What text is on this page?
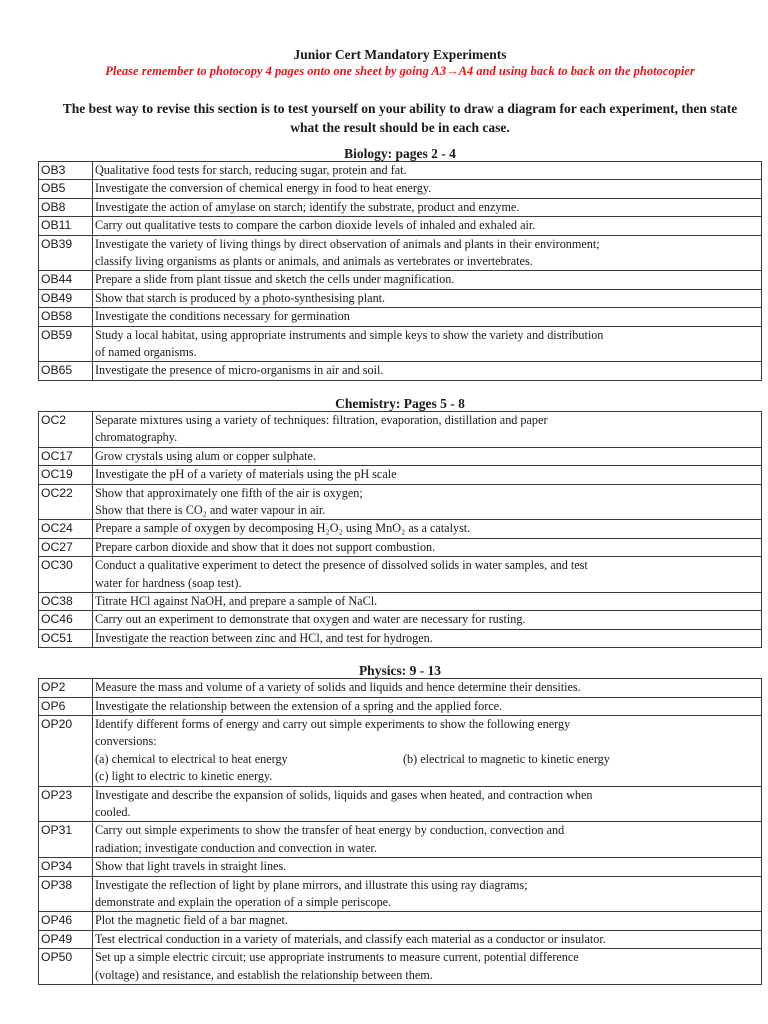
Junior Cert Mandatory Experiments
Please remember to photocopy 4 pages onto one sheet by going A3→A4 and using back to back on the photocopier
The best way to revise this section is to test yourself on your ability to draw a diagram for each experiment, then state what the result should be in each case.
Biology: pages 2 - 4
OB3	Qualitative food tests for starch, reducing sugar, protein and fat.

OB5	Investigate the conversion of chemical energy in food to heat energy.

OB8	Investigate the action of amylase on starch; identify the substrate, product and enzyme.

OB11	Carry out qualitative tests to compare the carbon dioxide levels of inhaled and exhaled air.

OB39	Investigate the variety of living things by direct observation of animals and plants in their environment;
classify living organisms as plants or animals, and animals as vertebrates or invertebrates.

OB44	Prepare a slide from plant tissue and sketch the cells under magnification.

OB49	Show that starch is produced by a photo-synthesising plant.

OB58	Investigate the conditions necessary for germination

OB59	Study a local habitat, using appropriate instruments and simple keys to show the variety and distribution
of named organisms.

OB65	Investigate the presence of micro-organisms in air and soil.
Chemistry: Pages 5 - 8
OC2	Separate mixtures using a variety of techniques: filtration, evaporation, distillation and paper
chromatography.

OC17	Grow crystals using alum or copper sulphate.

OC19	Investigate the pH of a variety of materials using the pH scale

OC22	Show that approximately one fifth of the air is oxygen;
Show that there is CO₂ and water vapour in air.

OC24	Prepare a sample of oxygen by decomposing H₂O₂ using MnO₂ as a catalyst.

OC27	Prepare carbon dioxide and show that it does not support combustion.

OC30	Conduct a qualitative experiment to detect the presence of dissolved solids in water samples, and test
water for hardness (soap test).

OC38	Titrate HCl against NaOH, and prepare a sample of NaCl.

OC46	Carry out an experiment to demonstrate that oxygen and water are necessary for rusting.

OC51	Investigate the reaction between zinc and HCl, and test for hydrogen.
Physics: 9 - 13
OP2	Measure the mass and volume of a variety of solids and liquids and hence determine their densities.

OP6	Investigate the relationship between the extension of a spring and the applied force.

OP20	Identify different forms of energy and carry out simple experiments to show the following energy
conversions:
(a) chemical to electrical to heat energy (b) electrical to magnetic to kinetic energy
(c) light to electric to kinetic energy.

OP23	Investigate and describe the expansion of solids, liquids and gases when heated, and contraction when
cooled.

OP31	Carry out simple experiments to show the transfer of heat energy by conduction, convection and
radiation; investigate conduction and convection in water.

OP34	Show that light travels in straight lines.

OP38	Investigate the reflection of light by plane mirrors, and illustrate this using ray diagrams;
demonstrate and explain the operation of a simple periscope.

OP46	Plot the magnetic field of a bar magnet.

OP49	Test electrical conduction in a variety of materials, and classify each material as a conductor or insulator.

OP50	Set up a simple electric circuit; use appropriate instruments to measure current, potential difference
(voltage) and resistance, and establish the relationship between them.
